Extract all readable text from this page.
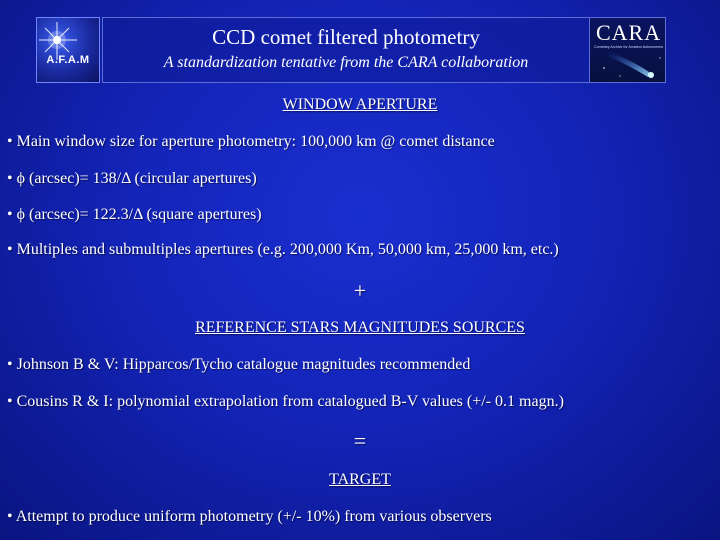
A.F.A.M
CCD comet filtered photometry
A standardization tentative from the CARA collaboration
CARA
Cometary Archive for Amateur Astronomers
WINDOW APERTURE
• Main window size for aperture photometry: 100,000 km @ comet distance
• ϕ (arcsec)= 138/Δ (circular apertures)
• ϕ (arcsec)= 122.3/Δ (square apertures)
• Multiples and submultiples apertures (e.g. 200,000 Km, 50,000 km, 25,000 km, etc.)
+
REFERENCE STARS MAGNITUDES SOURCES
• Johnson B & V: Hipparcos/Tycho catalogue magnitudes recommended
• Cousins R & I: polynomial extrapolation from catalogued B-V values (+/- 0.1 magn.)
=
TARGET
• Attempt to produce uniform photometry (+/- 10%) from various observers
